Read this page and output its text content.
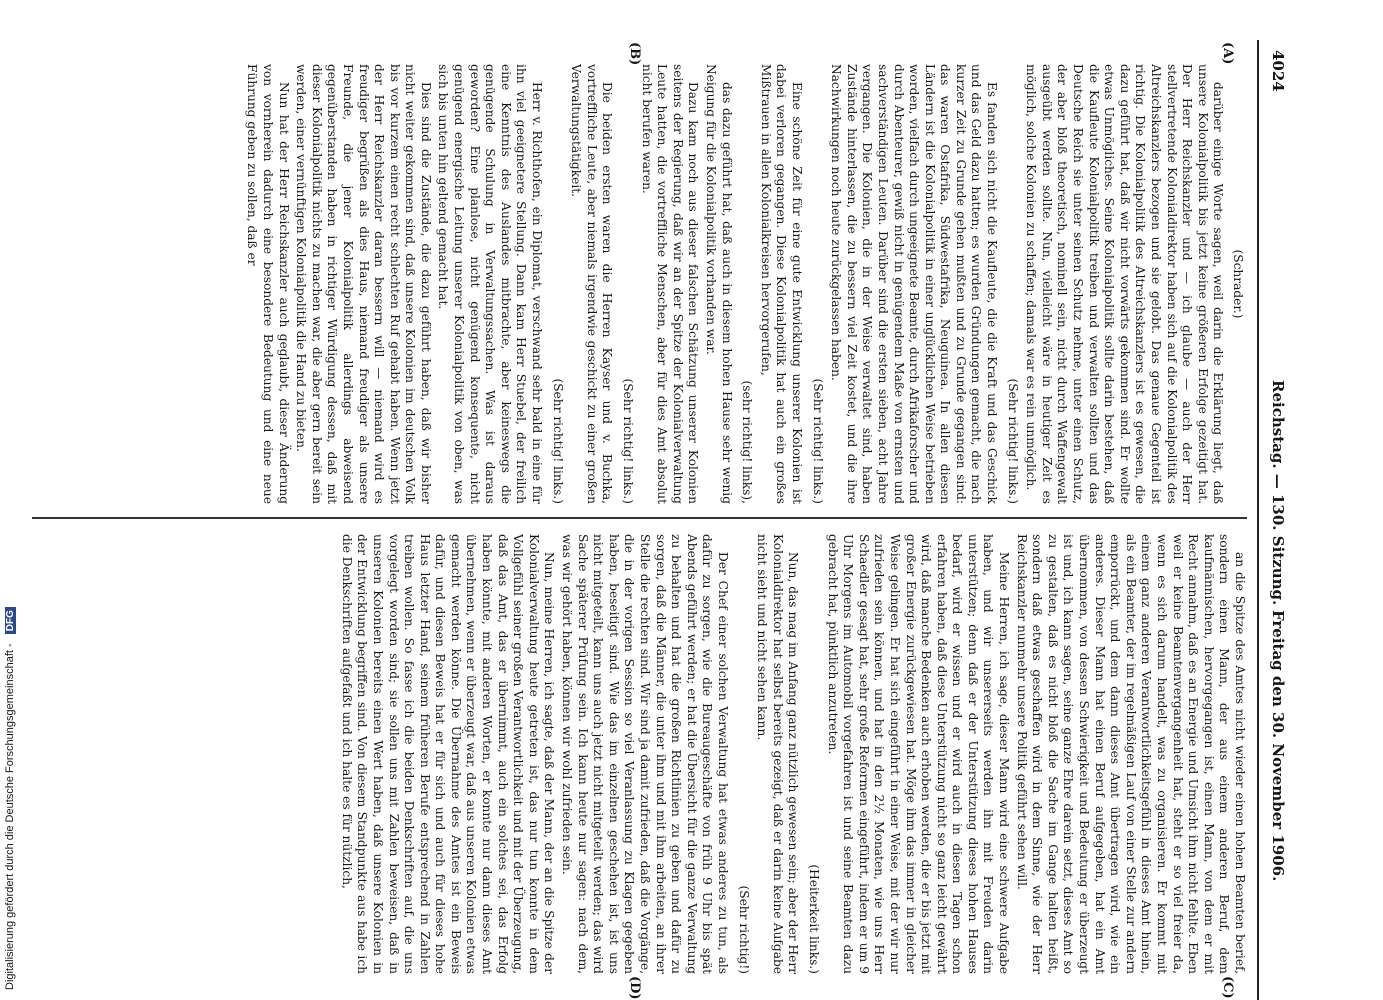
4024
Reichstag. — 130. Sitzung.
Freitag den 30. November 1906.
(A)
(B)
(C)
(D)
(Schrader.)

darüber einige Worte sagen, weil darin die Erklärung liegt, daß unsere Kolonialpolitik bis jetzt keine größeren Erfolge gezeitigt hat. Der Herr Reichskanzler und — ich glaube — auch der Herr stellvertretende Kolonialdirektor haben sich auf die Kolonialpolitik des Altreichskanzlers bezogen und sie gelobt. Das genaue Gegenteil ist richtig. Die Kolonialpolitik des Altreichskanzlers ist es gewesen, die dazu geführt hat, daß wir nicht vorwärts gekommen sind. Er wollte etwas Unmögliches. Seine Kolonialpolitik sollte darin bestehen, daß die Kaufleute Kolonialpolitik treiben und verwalten sollten und das Deutsche Reich sie unter seinen Schutz nehme, unter einen Schutz, der aber bloß theoretisch, nominell sein, nicht durch Waffengewalt ausgeübt werden sollte. Nun, vielleicht wäre in heutiger Zeit es möglich, solche Kolonien zu schaffen; damals war es rein unmöglich.

(Sehr richtig! links.)

Es fanden sich nicht die Kaufleute, die die Kraft und das Geschick und das Geld dazu hatten; es wurden Gründungen gemacht, die nach kurzer Zeit zu Grunde gehen mußten und zu Grunde gegangen sind: das waren Ostafrika, Südwestafrika, Neuguinea. In allen diesen Ländern ist die Kolonialpolitik in einer unglücklichen Weise betrieben worden, vielfach durch ungeeignete Beamte, durch Afrikaforscher und durch Abenteurer, gewiß nicht in genügendem Maße von ernsten und sachverständigen Leuten. Darüber sind die ersten sieben, acht Jahre vergangen. Die Kolonien, die in der Weise verwaltet sind, haben Zustände hinterlassen, die zu bessern viel Zeit kostet, und die ihre Nachwirkungen noch heute zurückgelassen haben.

(Sehr richtig! links.)

Eine schöne Zeit für eine gute Entwicklung unserer Kolonien ist dabei verloren gegangen. Diese Kolonialpolitik hat auch ein großes Mißtrauen in allen Kolonialkreisen hervorgerufen,

(sehr richtig! links),

das dazu geführt hat, daß auch in diesem hohen Hause sehr wenig Neigung für die Kolonialpolitik vorhanden war.

Dazu kam noch aus dieser falschen Schätzung unserer Kolonien seitens der Regierung, daß wir an der Spitze der Kolonialverwaltung Leute hatten, die vortreffliche Menschen, aber für dies Amt absolut nicht berufen waren.

(Sehr richtig! links.)

Die beiden ersten waren die Herren Kayser und v. Buchka, vortreffliche Leute, aber niemals irgendwie geschickt zu einer großen Verwaltungstätigkeit.

(Sehr richtig! links.)

Herr v. Richthofen, ein Diplomat, verschwand sehr bald in eine für ihn viel geeignetere Stellung. Dann kam Herr Stuebel, der freilich eine Kenntnis des Auslandes mitbrachte, aber keineswegs die genügende Schulung in Verwaltungssachen. Was ist daraus geworden? Eine planlose, nicht genügend konsequente, nicht genügend energische Leitung unserer Kolonialpolitik von oben, was sich bis unten hin geltend gemacht hat.

Dies sind die Zustände, die dazu geführt haben, daß wir bisher nicht weiter gekommen sind, daß unsere Kolonien im deutschen Volk bis vor kurzem einen recht schlechten Ruf gehabt haben. Wenn jetzt der Herr Reichskanzler daran bessern will — niemand wird es freudiger begrüßen als dies Haus, niemand freudiger als unsere Freunde, die jener Kolonialpolitik allerdings abweisend gegenüberstanden haben in richtiger Würdigung dessen, daß mit dieser Kolonialpolitik nichts zu machen war, die aber gern bereit sein werden, einer vernünftigen Kolonialpolitik die Hand zu bieten.

Nun hat der Herr Reichskanzler auch geglaubt, dieser Änderung von vornherein dadurch eine besondere Bedeutung und eine neue Führung geben zu sollen, daß er

an die Spitze des Amtes nicht wieder einen hohen Beamten berief, sondern einen Mann, der aus einem anderen Beruf, dem kaufmännischen, hervorgegangen ist, einen Mann, von dem er mit Recht annahm, daß es an Energie und Umsicht ihm nicht fehlte. Eben weil er keine Beamtenvergangenheit hat, steht er so viel freier da, wenn es sich darum handelt, was zu organisieren. Er kommt mit einem ganz anderen Verantwortlichkeitsgefühl in dieses Amt hinein, als ein Beamter, der im regelmäßigen Lauf von einer Stelle zur andern emporrückt, und dem dann dieses Amt übertragen wird, wie ein anderes. Dieser Mann hat einen Beruf aufgegeben, hat ein Amt übernommen, von dessen Schwierigkeit und Bedeutung er überzeugt ist und, ich kann sagen, seine ganze Ehre darein setzt, dieses Amt so zu gestalten, daß es nicht bloß die Sache im Gange halten heißt, sondern daß etwas geschaffen wird in dem Sinne, wie der Herr Reichskanzler nunmehr unsere Politik geführt sehen will.

Meine Herren, ich sage, dieser Mann wird eine schwere Aufgabe haben, und wir unsererseits werden ihn mit Freuden darin unterstützen; denn daß er der Unterstützung dieses hohen Hauses bedarf, wird er wissen und er wird auch in diesen Tagen schon erfahren haben, daß diese Unterstützung nicht so ganz leicht gewährt wird, daß manche Bedenken auch erhoben werden, die er bis jetzt mit großer Energie zurückgewiesen hat. Möge ihm das immer in gleicher Weise gelingen. Er hat sich eingeführt in einer Weise, mit der wir nur zufrieden sein können, und hat in den 2½ Monaten, wie uns Herr Schaedler gesagt hat, sehr große Reformen eingeführt, indem er um 9 Uhr Morgens im Automobil vorgefahren ist und seine Beamten dazu gebracht hat, pünktlich anzutreten.

(Heiterkeit links.)

Nun, das mag im Anfang ganz nützlich gewesen sein; aber der Herr Kolonialdirektor hat selbst bereits gezeigt, daß er darin keine Aufgabe nicht sieht und nicht sehen kann.

(Sehr richtig!)

Der Chef einer solchen Verwaltung hat etwas anderes zu tun, als dafür zu sorgen, wie die Bureaugeschäfte von früh 9 Uhr bis spät Abends geführt werden; er hat die Übersicht für die ganze Verwaltung zu behalten und hat die großen Richtlinien zu geben und dafür zu sorgen, daß die Männer, die unter ihm und mit ihm arbeiten, an ihrer Stelle die rechten sind. Wir sind ja damit zufrieden, daß die Vorgänge, die in der vorigen Session so viel Veranlassung zu Klagen gegeben haben, beseitigt sind. Wie das im einzelnen geschehen ist, ist uns nicht mitgeteilt, kann uns auch jetzt nicht mitgeteilt werden; das wird Sache späterer Prüfung sein. Ich kann heute nur sagen: nach dem, was wir gehört haben, können wir wohl zufrieden sein.

Nun, meine Herren, ich sagte, daß der Mann, der an die Spitze der Kolonialverwaltung heute getreten ist, das nur tun konnte in dem Vollgefühl seiner großen Verantwortlichkeit und mit der Überzeugung, daß das Amt, das er übernimmt, auch ein solches sei, das Erfolg haben könnte, mit anderen Worten, er konnte nur dann dieses Amt übernehmen, wenn er überzeugt war, daß aus unseren Kolonien etwas gemacht werden könne. Die Übernahme des Amtes ist ein Beweis dafür, und diesen Beweis hat er für sich und auch für dieses hohe Haus letzter Hand, seinem früheren Berufe entsprechend in Zahlen treiben wollen. So fasse ich die beiden Denkschriften auf, die uns vorgelegt worden sind; sie sollen uns mit Zahlen beweisen, daß in unseren Kolonien bereits einen Wert haben, daß unsere Kolonien in der Entwicklung begriffen sind. Von diesem Standpunkte aus habe ich die Denkschriften aufgefaßt und ich halte es für nützlich,

Digitalisierung gefördert durch die Deutsche Forschungsgemeinschaft - DFG
